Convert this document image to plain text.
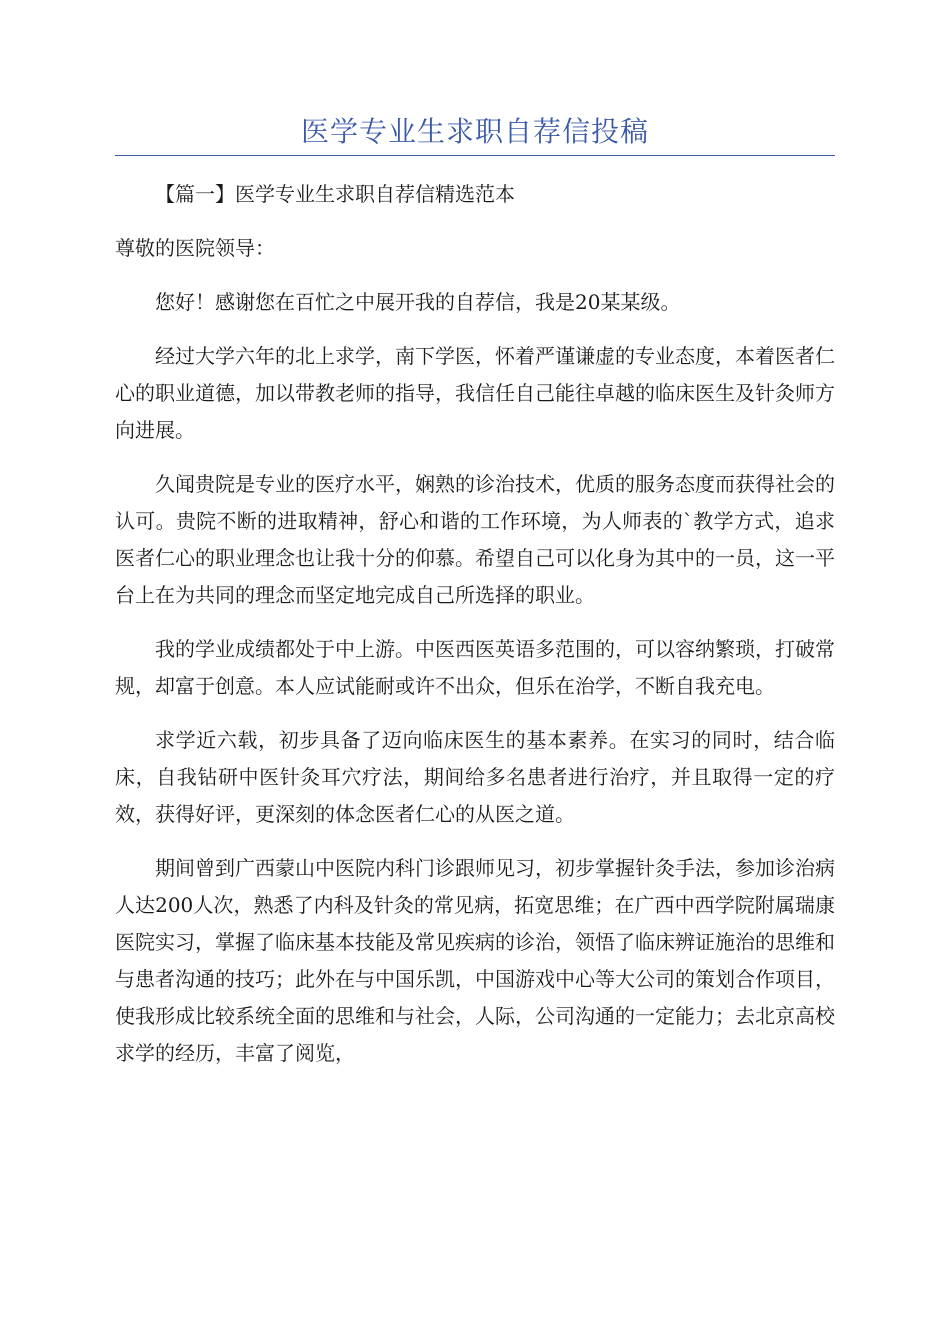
医学专业生求职自荐信投稿

【篇一】医学专业生求职自荐信精选范本

尊敬的医院领导：

您好！感谢您在百忙之中展开我的自荐信，我是20某某级。

经过大学六年的北上求学，南下学医，怀着严谨谦虚的专业态度，本着医者仁心的职业道德，加以带教老师的指导，我信任自己能往卓越的临床医生及针灸师方向进展。

久闻贵院是专业的医疗水平，娴熟的诊治技术，优质的服务态度而获得社会的认可。贵院不断的进取精神，舒心和谐的工作环境，为人师表的`教学方式，追求医者仁心的职业理念也让我十分的仰慕。希望自己可以化身为其中的一员，这一平台上在为共同的理念而坚定地完成自己所选择的职业。

我的学业成绩都处于中上游。中医西医英语多范围的，可以容纳繁琐，打破常规，却富于创意。本人应试能耐或许不出众，但乐在治学，不断自我充电。

求学近六载，初步具备了迈向临床医生的基本素养。在实习的同时，结合临床，自我钻研中医针灸耳穴疗法，期间给多名患者进行治疗，并且取得一定的疗效，获得好评，更深刻的体念医者仁心的从医之道。

期间曾到广西蒙山中医院内科门诊跟师见习，初步掌握针灸手法，参加诊治病人达200人次，熟悉了内科及针灸的常见病，拓宽思维；在广西中西学院附属瑞康医院实习，掌握了临床基本技能及常见疾病的诊治，领悟了临床辨证施治的思维和与患者沟通的技巧；此外在与中国乐凯，中国游戏中心等大公司的策划合作项目，使我形成比较系统全面的思维和与社会，人际，公司沟通的一定能力；去北京高校求学的经历，丰富了阅览，
